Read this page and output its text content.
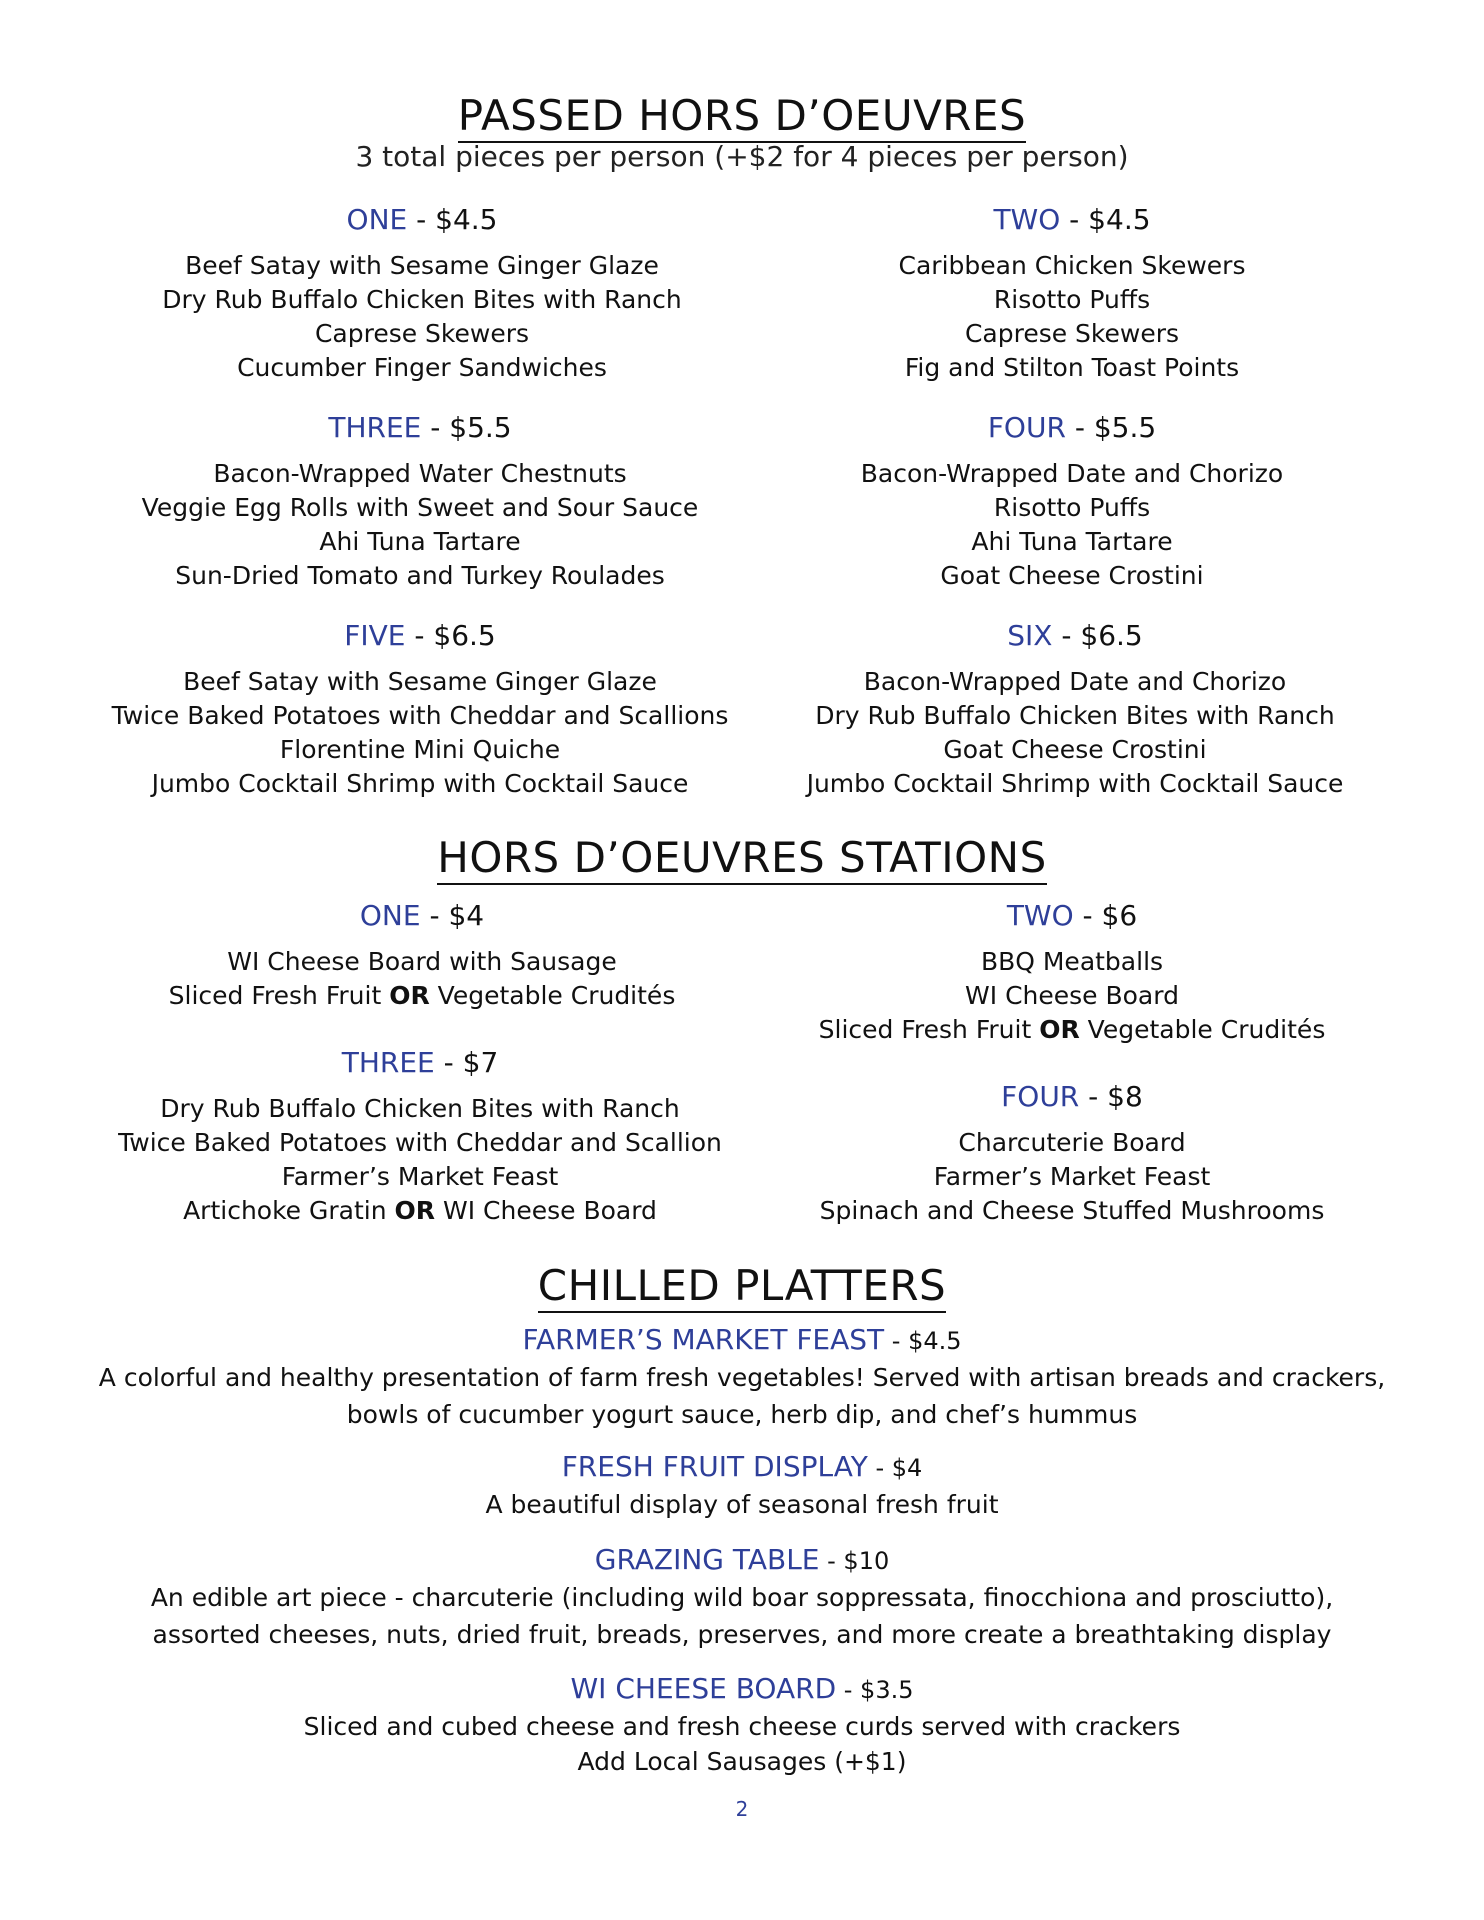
PASSED HORS D’OEUVRES
3 total pieces per person (+$2 for 4 pieces per person)
ONE - $4.5
Beef Satay with Sesame Ginger Glaze
Dry Rub Buffalo Chicken Bites with Ranch
Caprese Skewers
Cucumber Finger Sandwiches
TWO - $4.5
Caribbean Chicken Skewers
Risotto Puffs
Caprese Skewers
Fig and Stilton Toast Points
THREE - $5.5
Bacon-Wrapped Water Chestnuts
Veggie Egg Rolls with Sweet and Sour Sauce
Ahi Tuna Tartare
Sun-Dried Tomato and Turkey Roulades
FOUR - $5.5
Bacon-Wrapped Date and Chorizo
Risotto Puffs
Ahi Tuna Tartare
Goat Cheese Crostini
FIVE - $6.5
Beef Satay with Sesame Ginger Glaze
Twice Baked Potatoes with Cheddar and Scallions
Florentine Mini Quiche
Jumbo Cocktail Shrimp with Cocktail Sauce
SIX - $6.5
Bacon-Wrapped Date and Chorizo
Dry Rub Buffalo Chicken Bites with Ranch
Goat Cheese Crostini
Jumbo Cocktail Shrimp with Cocktail Sauce
HORS D’OEUVRES STATIONS
ONE - $4
WI Cheese Board with Sausage
Sliced Fresh Fruit OR Vegetable Crudités
TWO - $6
BBQ Meatballs
WI Cheese Board
Sliced Fresh Fruit OR Vegetable Crudités
THREE - $7
Dry Rub Buffalo Chicken Bites with Ranch
Twice Baked Potatoes with Cheddar and Scallion
Farmer’s Market Feast
Artichoke Gratin OR WI Cheese Board
FOUR - $8
Charcuterie Board
Farmer’s Market Feast
Spinach and Cheese Stuffed Mushrooms
CHILLED PLATTERS
FARMER’S MARKET FEAST - $4.5
A colorful and healthy presentation of farm fresh vegetables! Served with artisan breads and crackers,
bowls of cucumber yogurt sauce, herb dip, and chef’s hummus
FRESH FRUIT DISPLAY - $4
A beautiful display of seasonal fresh fruit
GRAZING TABLE - $10
An edible art piece - charcuterie (including wild boar soppressata, finocchiona and prosciutto),
assorted cheeses, nuts, dried fruit, breads, preserves, and more create a breathtaking display
WI CHEESE BOARD - $3.5
Sliced and cubed cheese and fresh cheese curds served with crackers
Add Local Sausages (+$1)
2
